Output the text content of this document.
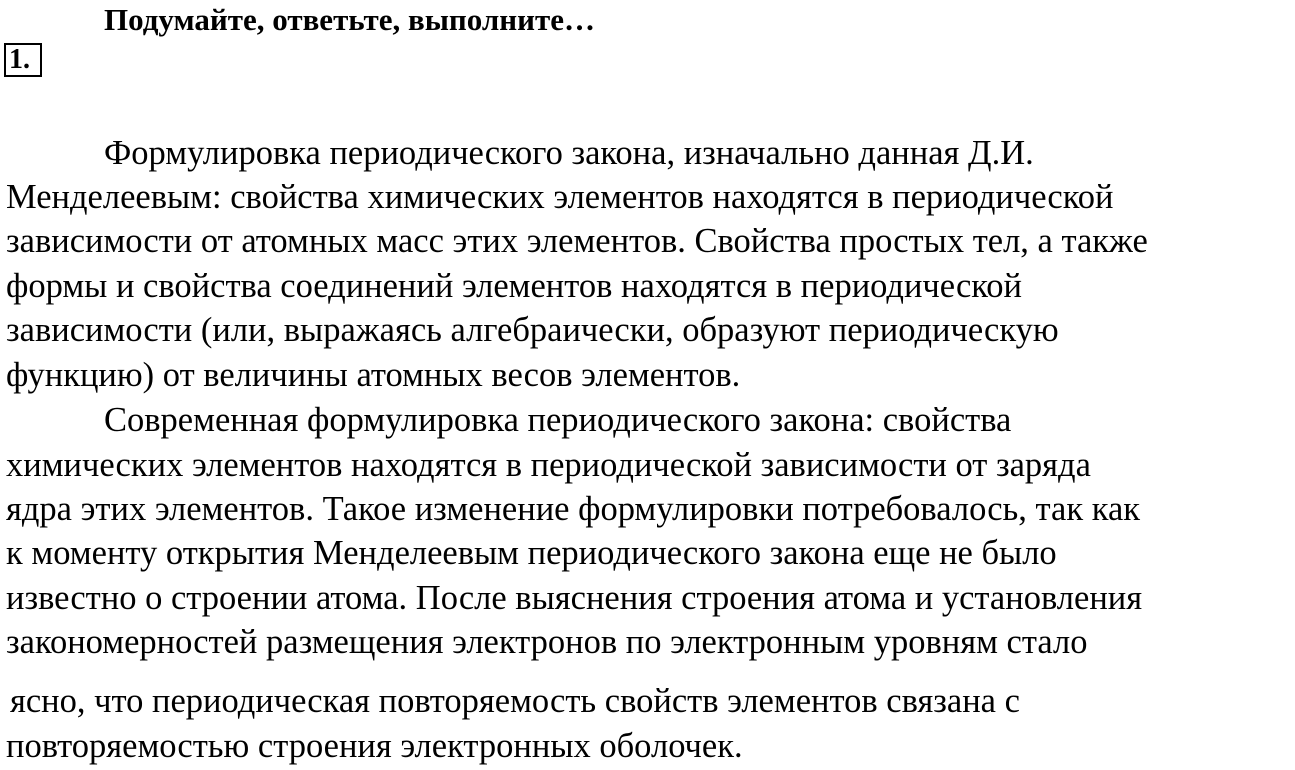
Подумайте, ответьте, выполните…
1.
Формулировка периодического закона, изначально данная Д.И.
Менделеевым: свойства химических элементов находятся в периодической
зависимости от атомных масс этих элементов. Свойства простых тел, а также
формы и свойства соединений элементов находятся в периодической
зависимости (или, выражаясь алгебраически, образуют периодическую
функцию) от величины атомных весов элементов.
Современная формулировка периодического закона: свойства
химических элементов находятся в периодической зависимости от заряда
ядра этих элементов. Такое изменение формулировки потребовалось, так как
к моменту открытия Менделеевым периодического закона еще не было
известно о строении атома. После выяснения строения атома и установления
закономерностей размещения электронов по электронным уровням стало
ясно, что периодическая повторяемость свойств элементов связана с
повторяемостью строения электронных оболочек.
